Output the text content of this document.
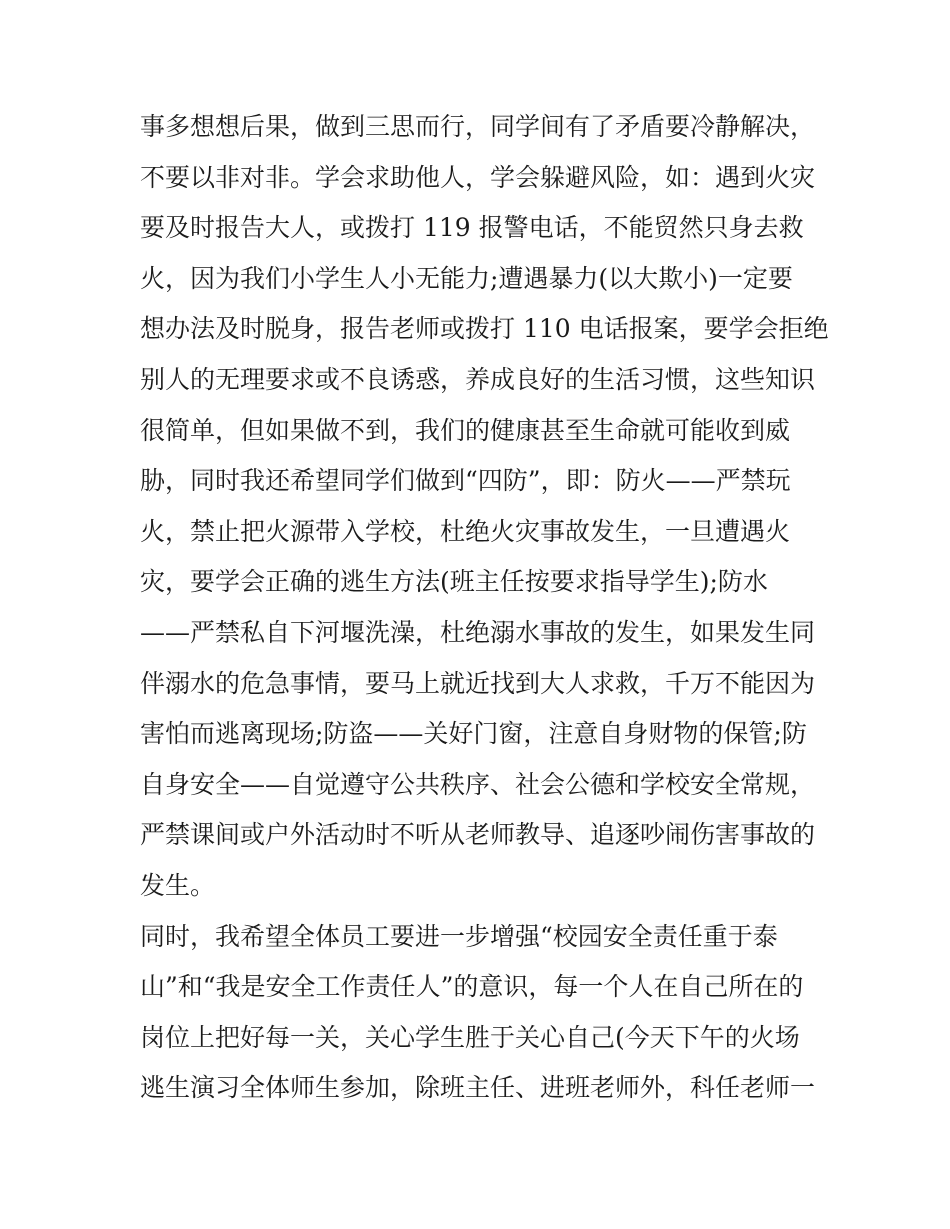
事多想想后果，做到三思而行，同学间有了矛盾要冷静解决，
不要以非对非。学会求助他人，学会躲避风险，如：遇到火灾
要及时报告大人，或拨打 119 报警电话，不能贸然只身去救
火，因为我们小学生人小无能力;遭遇暴力(以大欺小)一定要
想办法及时脱身，报告老师或拨打 110 电话报案，要学会拒绝
别人的无理要求或不良诱惑，养成良好的生活习惯，这些知识
很简单，但如果做不到，我们的健康甚至生命就可能收到威
胁，同时我还希望同学们做到“四防”，即：防火——严禁玩
火，禁止把火源带入学校，杜绝火灾事故发生，一旦遭遇火
灾，要学会正确的逃生方法(班主任按要求指导学生);防水
——严禁私自下河堰洗澡，杜绝溺水事故的发生，如果发生同
伴溺水的危急事情，要马上就近找到大人求救，千万不能因为
害怕而逃离现场;防盗——关好门窗，注意自身财物的保管;防
自身安全——自觉遵守公共秩序、社会公德和学校安全常规，
严禁课间或户外活动时不听从老师教导、追逐吵闹伤害事故的
发生。
同时，我希望全体员工要进一步增强“校园安全责任重于泰
山”和“我是安全工作责任人”的意识，每一个人在自己所在的
岗位上把好每一关，关心学生胜于关心自己(今天下午的火场
逃生演习全体师生参加，除班主任、进班老师外，科任老师一
